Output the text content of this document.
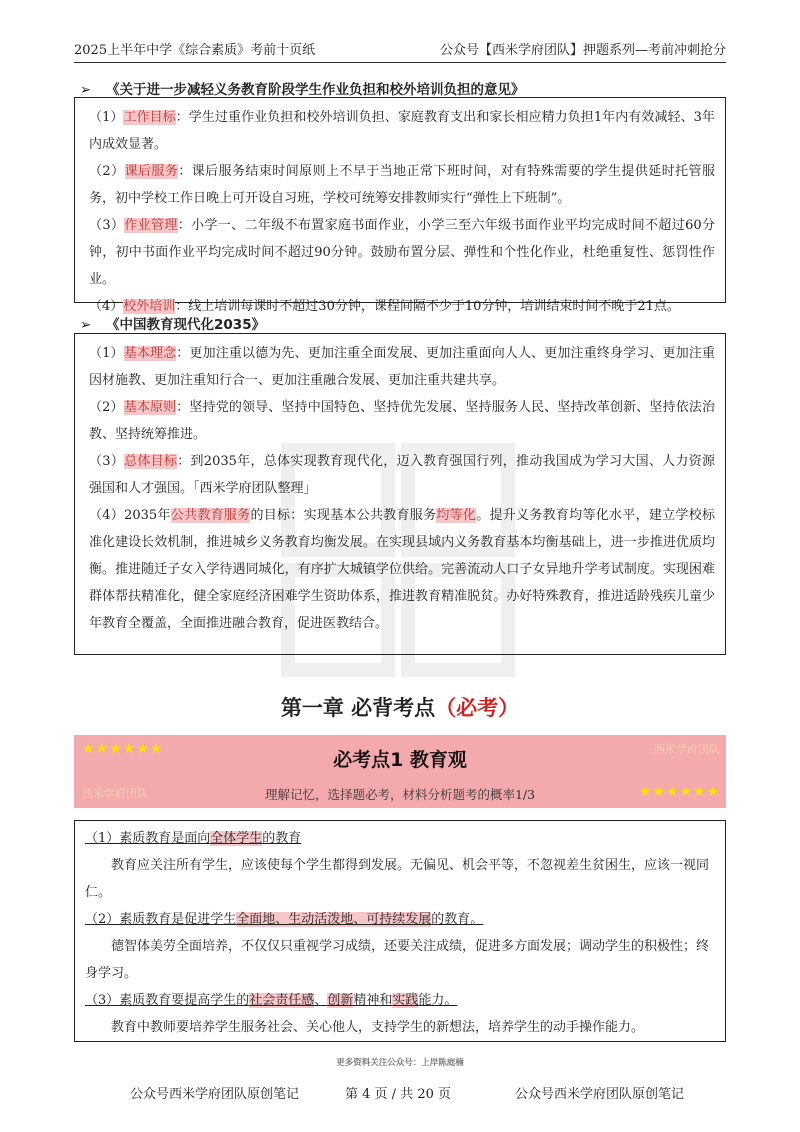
2025上半年中学《综合素质》考前十页纸	公众号【西米学府团队】押题系列—考前冲刺抢分
➢ 《关于进一步减轻义务教育阶段学生作业负担和校外培训负担的意见》

（1）工作目标：学生过重作业负担和校外培训负担、家庭教育支出和家长相应精力负担1年内有效减轻、3年内成效显著。

（2）课后服务：课后服务结束时间原则上不早于当地正常下班时间，对有特殊需要的学生提供延时托管服务，初中学校工作日晚上可开设自习班，学校可统筹安排教师实行“弹性上下班制”。

（3）作业管理：小学一、二年级不布置家庭书面作业，小学三至六年级书面作业平均完成时间不超过60分钟，初中书面作业平均完成时间不超过90分钟。鼓励布置分层、弹性和个性化作业，杜绝重复性、惩罚性作业。

（4）校外培训：线上培训每课时不超过30分钟，课程间隔不少于10分钟，培训结束时间不晚于21点。

➢ 《中国教育现代化2035》

（1）基本理念：更加注重以德为先、更加注重全面发展、更加注重面向人人、更加注重终身学习、更加注重因材施教、更加注重知行合一、更加注重融合发展、更加注重共建共享。

（2）基本原则：坚持党的领导、坚持中国特色、坚持优先发展、坚持服务人民、坚持改革创新、坚持依法治教、坚持统筹推进。

（3）总体目标：到2035年，总体实现教育现代化，迈入教育强国行列，推动我国成为学习大国、人力资源强国和人才强国。「西米学府团队整理」

（4）2035年公共教育服务的目标：实现基本公共教育服务均等化。提升义务教育均等化水平，建立学校标准化建设长效机制，推进城乡义务教育均衡发展。在实现县域内义务教育基本均衡基础上，进一步推进优质均衡。推进随迁子女入学待遇同城化，有序扩大城镇学位供给。完善流动人口子女异地升学考试制度。实现困难群体帮扶精准化，健全家庭经济困难学生资助体系，推进教育精准脱贫。办好特殊教育，推进适龄残疾儿童少年教育全覆盖，全面推进融合教育，促进医教结合。

第一章 必背考点（必考）
★★★★★★	西米学府团队
西米学府团队	★★★★★★
必考点1 教育观
理解记忆，选择题必考，材料分析题考的概率1/3

（1）素质教育是面向全体学生的教育

教育应关注所有学生，应该使每个学生都得到发展。无偏见、机会平等，不忽视差生贫困生，应该一视同仁。

（2）素质教育是促进学生全面地、生动活泼地、可持续发展的教育。

德智体美劳全面培养，不仅仅只重视学习成绩，还要关注成绩，促进多方面发展；调动学生的积极性；终身学习。

（3）素质教育要提高学生的社会责任感、创新精神和实践能力。

教育中教师要培养学生服务社会、关心他人，支持学生的新想法，培养学生的动手操作能力。

更多资料关注公众号：上岸陈庭楠
公众号西米学府团队原创笔记	第 4 页 / 共 20 页	公众号西米学府团队原创笔记
